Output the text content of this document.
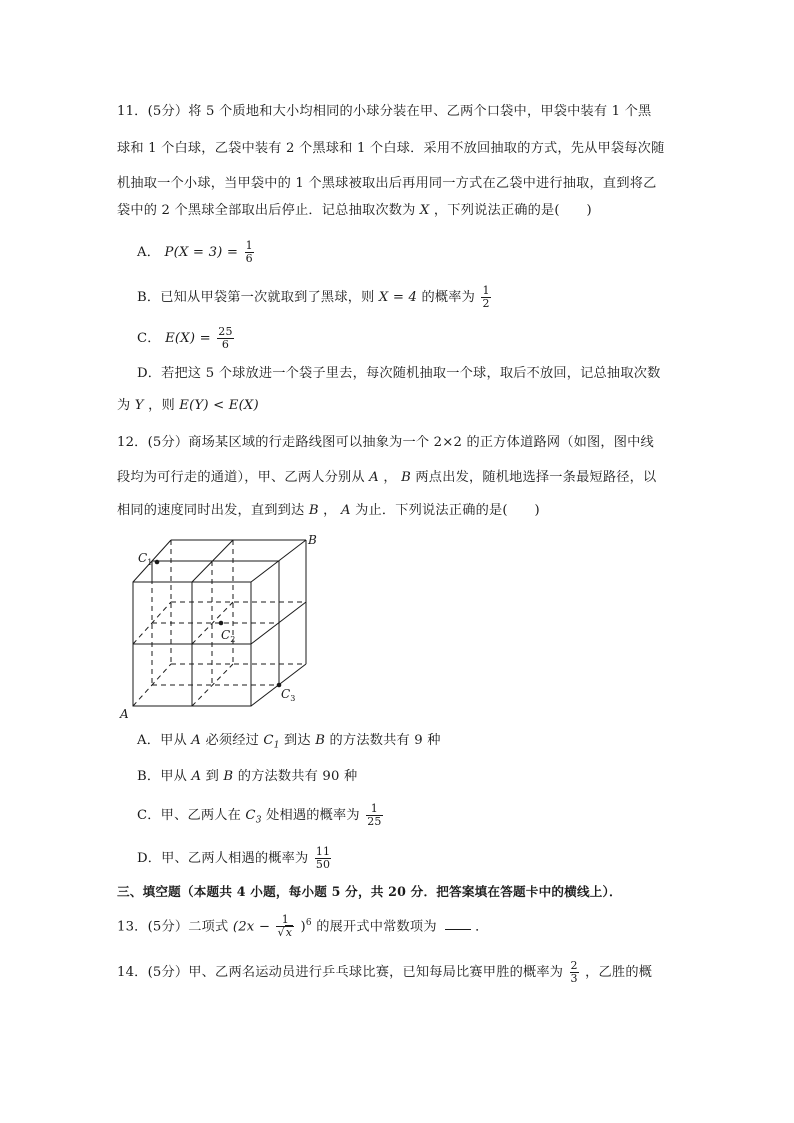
11．(5分）将 5 个质地和大小均相同的小球分装在甲、乙两个口袋中，甲袋中装有 1 个黑
球和 1 个白球，乙袋中装有 2 个黑球和 1 个白球．采用不放回抽取的方式，先从甲袋每次随
机抽取一个小球，当甲袋中的 1 个黑球被取出后再用同一方式在乙袋中进行抽取，直到将乙
袋中的 2 个黑球全部取出后停止．记总抽取次数为 X ，下列说法正确的是(　　)
A． $P(X = 3) = \frac{1}{6}$
B．已知从甲袋第一次就取到了黑球，则 X = 4 的概率为 $\frac{1}{2}$
C． $E(X) = \frac{25}{6}$
D．若把这 5 个球放进一个袋子里去，每次随机抽取一个球，取后不放回，记总抽取次数
为 Y ，则 E(Y) < E(X)
12．(5分）商场某区域的行走路线图可以抽象为一个 2×2 的正方体道路网（如图，图中线
段均为可行走的通道），甲、乙两人分别从 A ， B 两点出发，随机地选择一条最短路径，以
相同的速度同时出发，直到到达 B ， A 为止．下列说法正确的是(　　)
B
A
$C_1$
$C_2$
$C_3$
A．甲从 A 必须经过 $C_1$ 到达 B 的方法数共有 9 种
B．甲从 A 到 B 的方法数共有 90 种
C．甲、乙两人在 $C_3$ 处相遇的概率为 $\frac{1}{25}$
D．甲、乙两人相遇的概率为 $\frac{11}{50}$
三、填空题（本题共 4 小题，每小题 5 分，共 20 分．把答案填在答题卡中的横线上）．
13．(5分）二项式 $(2x - \frac{1}{√x} )^6$ 的展开式中常数项为	．
14．(5分）甲、乙两名运动员进行乒乓球比赛，已知每局比赛甲胜的概率为 $\frac{2}{3}$ ，乙胜的概
